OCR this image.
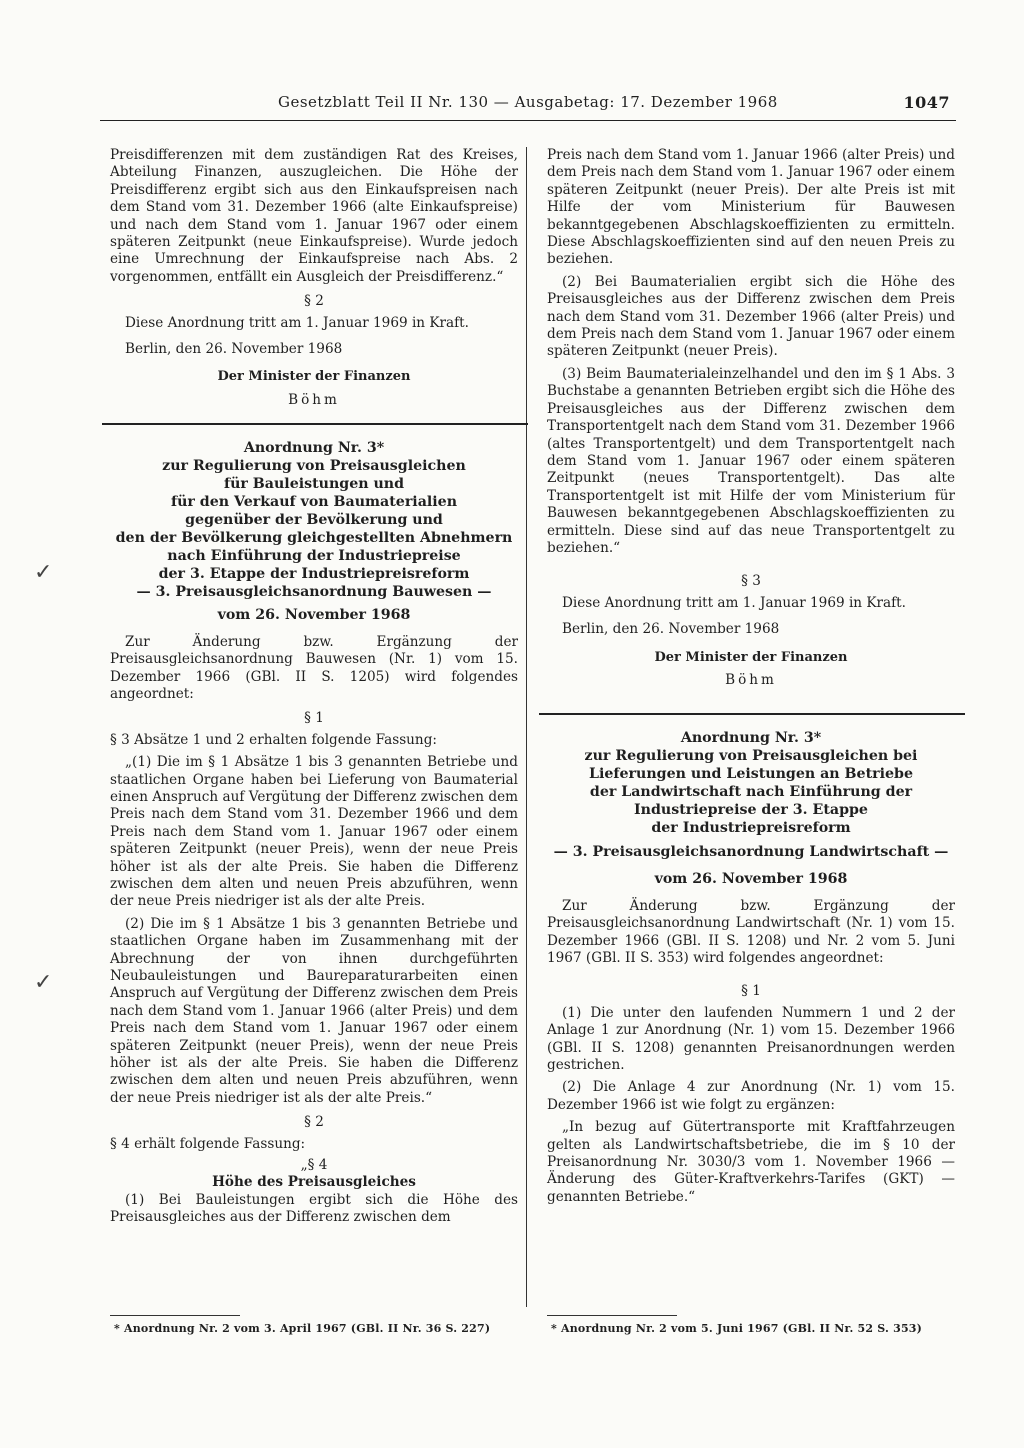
Gesetzblatt Teil II Nr. 130 — Ausgabetag: 17. Dezember 1968	1047

Preisdifferenzen mit dem zuständigen Rat des Kreises, Abteilung Finanzen, auszugleichen. Die Höhe der Preisdifferenz ergibt sich aus den Einkaufspreisen nach dem Stand vom 31. Dezember 1966 (alte Einkaufspreise) und nach dem Stand vom 1. Januar 1967 oder einem späteren Zeitpunkt (neue Einkaufspreise). Wurde jedoch eine Umrechnung der Einkaufspreise nach Abs. 2 vorgenommen, entfällt ein Ausgleich der Preisdifferenz.“

§ 2

Diese Anordnung tritt am 1. Januar 1969 in Kraft.

Berlin, den 26. November 1968

Der Minister der Finanzen
Böhm
Anordnung Nr. 3*
zur Regulierung von Preisausgleichen
für Bauleistungen und
für den Verkauf von Baumaterialien
gegenüber der Bevölkerung und
den der Bevölkerung gleichgestellten Abnehmern
nach Einführung der Industriepreise
der 3. Etappe der Industriepreisreform
— 3. Preisausgleichsanordnung Bauwesen —
vom 26. November 1968

Zur Änderung bzw. Ergänzung der Preisausgleichsanordnung Bauwesen (Nr. 1) vom 15. Dezember 1966 (GBl. II S. 1205) wird folgendes angeordnet:

§ 1

§ 3 Absätze 1 und 2 erhalten folgende Fassung:

„(1) Die im § 1 Absätze 1 bis 3 genannten Betriebe und staatlichen Organe haben bei Lieferung von Baumaterial einen Anspruch auf Vergütung der Differenz zwischen dem Preis nach dem Stand vom 31. Dezember 1966 und dem Preis nach dem Stand vom 1. Januar 1967 oder einem späteren Zeitpunkt (neuer Preis), wenn der neue Preis höher ist als der alte Preis. Sie haben die Differenz zwischen dem alten und neuen Preis abzuführen, wenn der neue Preis niedriger ist als der alte Preis.

(2) Die im § 1 Absätze 1 bis 3 genannten Betriebe und staatlichen Organe haben im Zusammenhang mit der Abrechnung der von ihnen durchgeführten Neubauleistungen und Baureparaturarbeiten einen Anspruch auf Vergütung der Differenz zwischen dem Preis nach dem Stand vom 1. Januar 1966 (alter Preis) und dem Preis nach dem Stand vom 1. Januar 1967 oder einem späteren Zeitpunkt (neuer Preis), wenn der neue Preis höher ist als der alte Preis. Sie haben die Differenz zwischen dem alten und neuen Preis abzuführen, wenn der neue Preis niedriger ist als der alte Preis.“

§ 2

§ 4 erhält folgende Fassung:

„§ 4
Höhe des Preisausgleiches

(1) Bei Bauleistungen ergibt sich die Höhe des Preisausgleiches aus der Differenz zwischen dem

* Anordnung Nr. 2 vom 3. April 1967 (GBl. II Nr. 36 S. 227)

Preis nach dem Stand vom 1. Januar 1966 (alter Preis) und dem Preis nach dem Stand vom 1. Januar 1967 oder einem späteren Zeitpunkt (neuer Preis). Der alte Preis ist mit Hilfe der vom Ministerium für Bauwesen bekanntgegebenen Abschlagskoeffizienten zu ermitteln. Diese Abschlagskoeffizienten sind auf den neuen Preis zu beziehen.

(2) Bei Baumaterialien ergibt sich die Höhe des Preisausgleiches aus der Differenz zwischen dem Preis nach dem Stand vom 31. Dezember 1966 (alter Preis) und dem Preis nach dem Stand vom 1. Januar 1967 oder einem späteren Zeitpunkt (neuer Preis).

(3) Beim Baumaterialeinzelhandel und den im § 1 Abs. 3 Buchstabe a genannten Betrieben ergibt sich die Höhe des Preisausgleiches aus der Differenz zwischen dem Transportentgelt nach dem Stand vom 31. Dezember 1966 (altes Transportentgelt) und dem Transportentgelt nach dem Stand vom 1. Januar 1967 oder einem späteren Zeitpunkt (neues Transportentgelt). Das alte Transportentgelt ist mit Hilfe der vom Ministerium für Bauwesen bekanntgegebenen Abschlagskoeffizienten zu ermitteln. Diese sind auf das neue Transportentgelt zu beziehen.“

§ 3

Diese Anordnung tritt am 1. Januar 1969 in Kraft.

Berlin, den 26. November 1968

Der Minister der Finanzen
Böhm
Anordnung Nr. 3*
zur Regulierung von Preisausgleichen bei
Lieferungen und Leistungen an Betriebe
der Landwirtschaft nach Einführung der
Industriepreise der 3. Etappe
der Industriepreisreform
— 3. Preisausgleichsanordnung Landwirtschaft —
vom 26. November 1968

Zur Änderung bzw. Ergänzung der Preisausgleichsanordnung Landwirtschaft (Nr. 1) vom 15. Dezember 1966 (GBl. II S. 1208) und Nr. 2 vom 5. Juni 1967 (GBl. II S. 353) wird folgendes angeordnet:

§ 1

(1) Die unter den laufenden Nummern 1 und 2 der Anlage 1 zur Anordnung (Nr. 1) vom 15. Dezember 1966 (GBl. II S. 1208) genannten Preisanordnungen werden gestrichen.

(2) Die Anlage 4 zur Anordnung (Nr. 1) vom 15. Dezember 1966 ist wie folgt zu ergänzen:

„In bezug auf Gütertransporte mit Kraftfahrzeugen gelten als Landwirtschaftsbetriebe, die im § 10 der Preisanordnung Nr. 3030/3 vom 1. November 1966 — Änderung des Güter-Kraftverkehrs-Tarifes (GKT) — genannten Betriebe.“

* Anordnung Nr. 2 vom 5. Juni 1967 (GBl. II Nr. 52 S. 353)
✓
✓
